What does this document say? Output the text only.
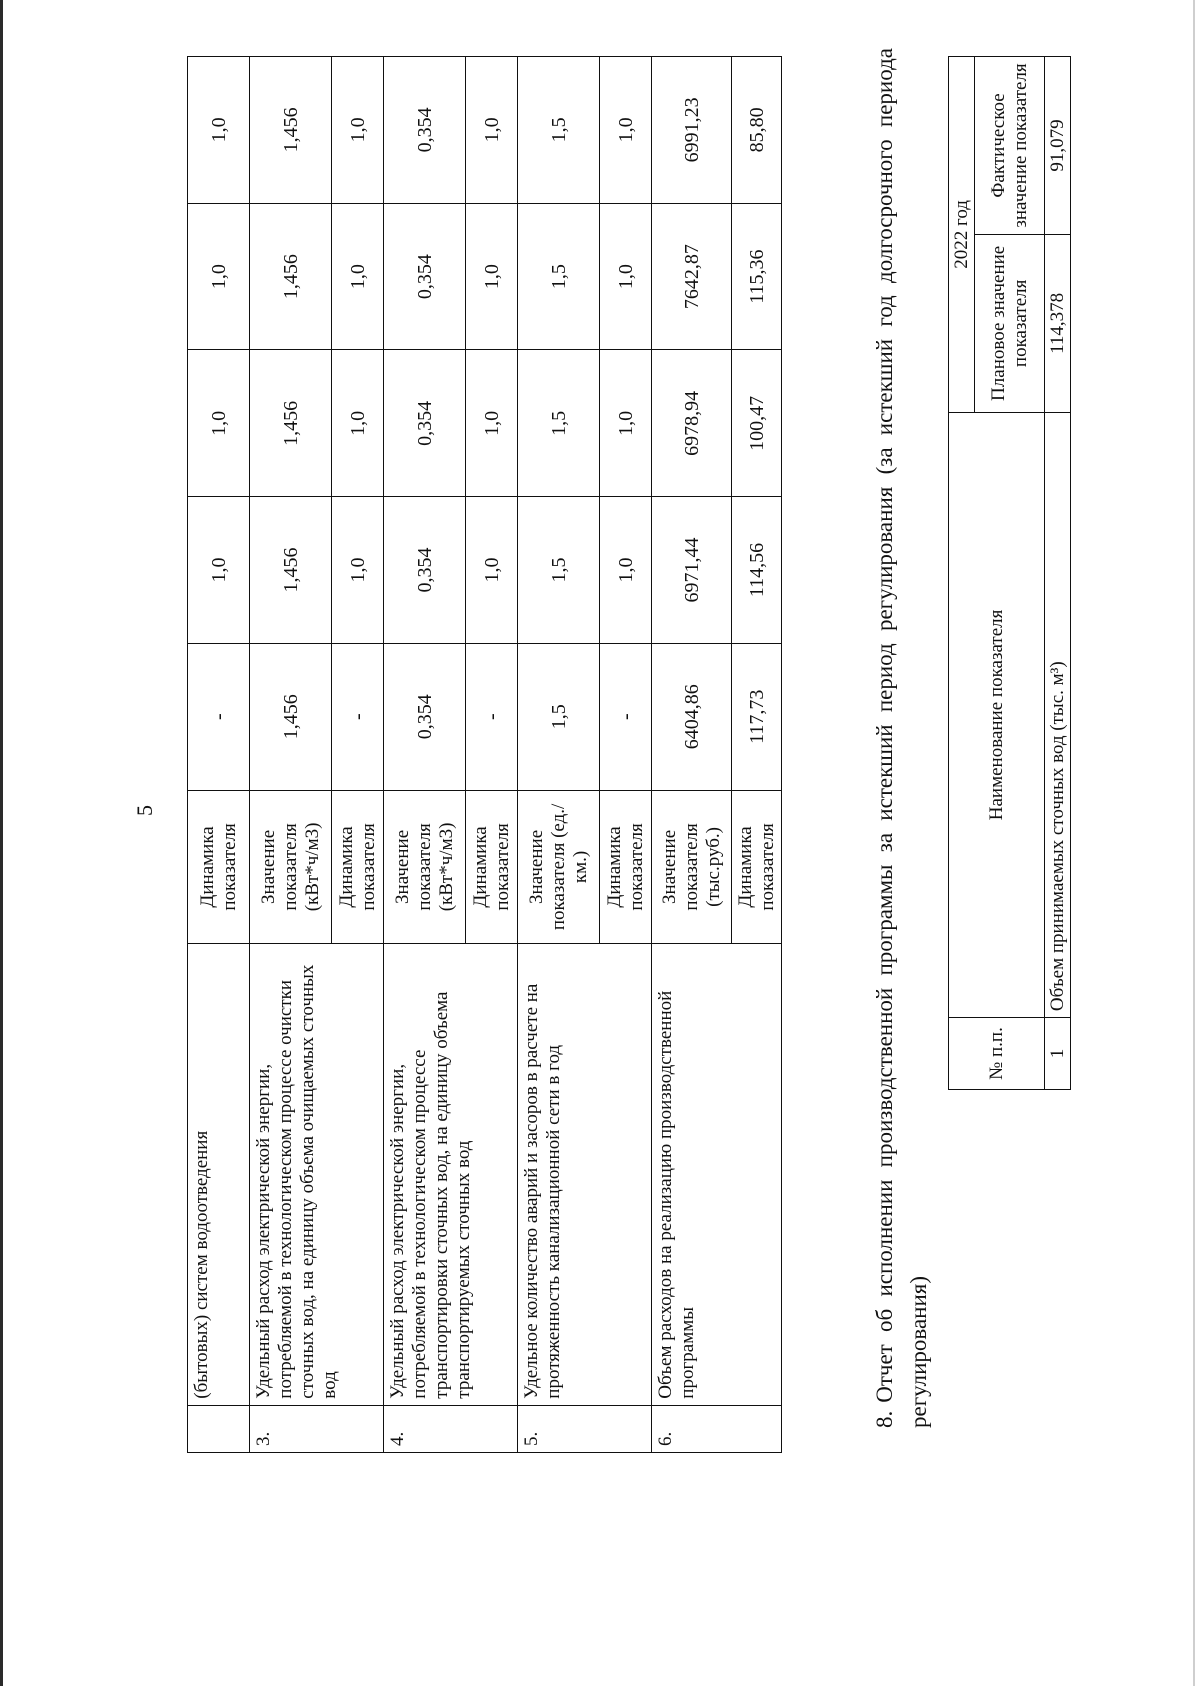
5
	(бытовых) систем водоотведения	Динамика показателя	-	1,0	1,0	1,0	1,0
3.	Удельный расход электрической энергии, потребляемой в технологическом процессе очистки сточных вод, на единицу объема очищаемых сточных вод	Значение показателя (кВт*ч/м3)	1,456	1,456	1,456	1,456	1,456
		Динамика показателя	-	1,0	1,0	1,0	1,0
4.	Удельный расход электрической энергии, потребляемой в технологическом процессе транспортировки сточных вод, на единицу объема транспортируемых сточных вод	Значение показателя (кВт*ч/м3)	0,354	0,354	0,354	0,354	0,354
		Динамика показателя	-	1,0	1,0	1,0	1,0
5.	Удельное количество аварий и засоров в расчете на протяженность канализационной сети в год	Значение показателя (ед./км.)	1,5	1,5	1,5	1,5	1,5
		Динамика показателя	-	1,0	1,0	1,0	1,0
6.	Объем расходов на реализацию производственной программы	Значение показателя (тыс.руб.)	6404,86	6971,44	6978,94	7642,87	6991,23
		Динамика показателя	117,73	114,56	100,47	115,36	85,80
8.Отчет об исполнении производственной программы за истекший период регулирования (за истекший год долгосрочного периода регулирования)
№ п.п.	Наименование показателя	2022 год	
		Плановое значение показателя	Фактическое значение показателя
1	Объем принимаемых сточных вод (тыс. м³)	114,378	91,079
